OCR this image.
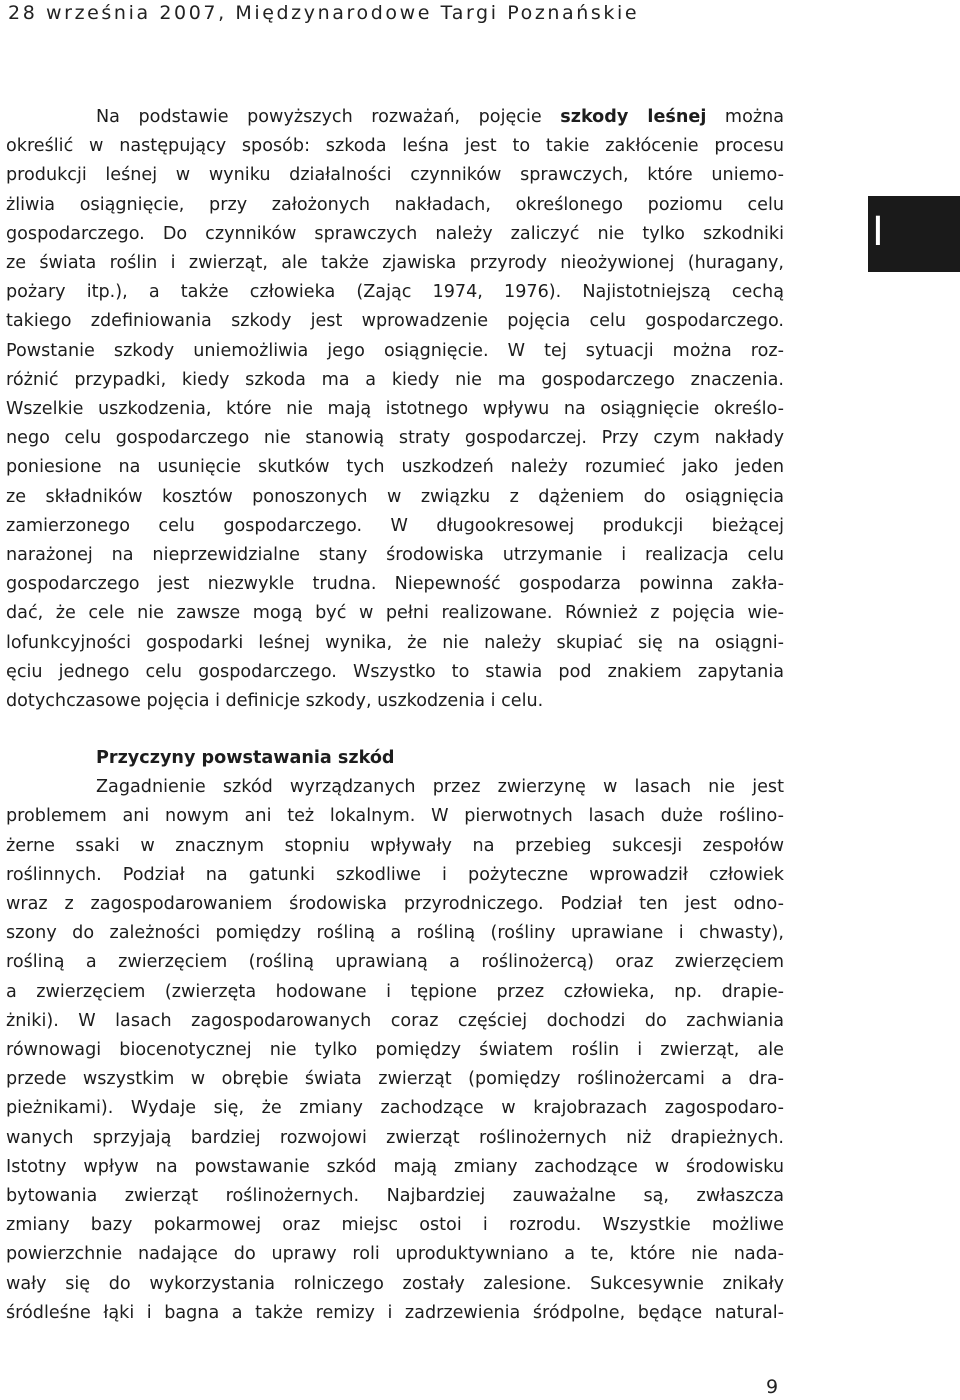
28 września 2007, Międzynarodowe Targi Poznańskie
I
Na podstawie powyższych rozważań, pojęcie szkody leśnej można
określić w następujący sposób: szkoda leśna jest to takie zakłócenie procesu
produkcji leśnej w wyniku działalności czynników sprawczych, które uniemo-
żliwia osiągnięcie, przy założonych nakładach, określonego poziomu celu
gospodarczego. Do czynników sprawczych należy zaliczyć nie tylko szkodniki
ze świata roślin i zwierząt, ale także zjawiska przyrody nieożywionej (huragany,
pożary itp.), a także człowieka (Zając 1974, 1976). Najistotniejszą cechą
takiego zdefiniowania szkody jest wprowadzenie pojęcia celu gospodarczego.
Powstanie szkody uniemożliwia jego osiągnięcie. W tej sytuacji można roz-
różnić przypadki, kiedy szkoda ma a kiedy nie ma gospodarczego znaczenia.
Wszelkie uszkodzenia, które nie mają istotnego wpływu na osiągnięcie określo-
nego celu gospodarczego nie stanowią straty gospodarczej. Przy czym nakłady
poniesione na usunięcie skutków tych uszkodzeń należy rozumieć jako jeden
ze składników kosztów ponoszonych w związku z dążeniem do osiągnięcia
zamierzonego celu gospodarczego. W długookresowej produkcji bieżącej
narażonej na nieprzewidzialne stany środowiska utrzymanie i realizacja celu
gospodarczego jest niezwykle trudna. Niepewność gospodarza powinna zakła-
dać, że cele nie zawsze mogą być w pełni realizowane. Również z pojęcia wie-
lofunkcyjności gospodarki leśnej wynika, że nie należy skupiać się na osiągni-
ęciu jednego celu gospodarczego. Wszystko to stawia pod znakiem zapytania
dotychczasowe pojęcia i definicje szkody, uszkodzenia i celu.
Przyczyny powstawania szkód
Zagadnienie szkód wyrządzanych przez zwierzynę w lasach nie jest
problemem ani nowym ani też lokalnym. W pierwotnych lasach duże roślino-
żerne ssaki w znacznym stopniu wpływały na przebieg sukcesji zespołów
roślinnych. Podział na gatunki szkodliwe i pożyteczne wprowadził człowiek
wraz z zagospodarowaniem środowiska przyrodniczego. Podział ten jest odno-
szony do zależności pomiędzy rośliną a rośliną (rośliny uprawiane i chwasty),
rośliną a zwierzęciem (rośliną uprawianą a roślinożercą) oraz zwierzęciem
a zwierzęciem (zwierzęta hodowane i tępione przez człowieka, np. drapie-
żniki). W lasach zagospodarowanych coraz częściej dochodzi do zachwiania
równowagi biocenotycznej nie tylko pomiędzy światem roślin i zwierząt, ale
przede wszystkim w obrębie świata zwierząt (pomiędzy roślinożercami a dra-
pieżnikami). Wydaje się, że zmiany zachodzące w krajobrazach zagospodaro-
wanych sprzyjają bardziej rozwojowi zwierząt roślinożernych niż drapieżnych.
Istotny wpływ na powstawanie szkód mają zmiany zachodzące w środowisku
bytowania zwierząt roślinożernych. Najbardziej zauważalne są, zwłaszcza
zmiany bazy pokarmowej oraz miejsc ostoi i rozrodu. Wszystkie możliwe
powierzchnie nadające do uprawy roli uproduktywniano a te, które nie nada-
wały się do wykorzystania rolniczego zostały zalesione. Sukcesywnie znikały
śródleśne łąki i bagna a także remizy i zadrzewienia śródpolne, będące natural-
9
